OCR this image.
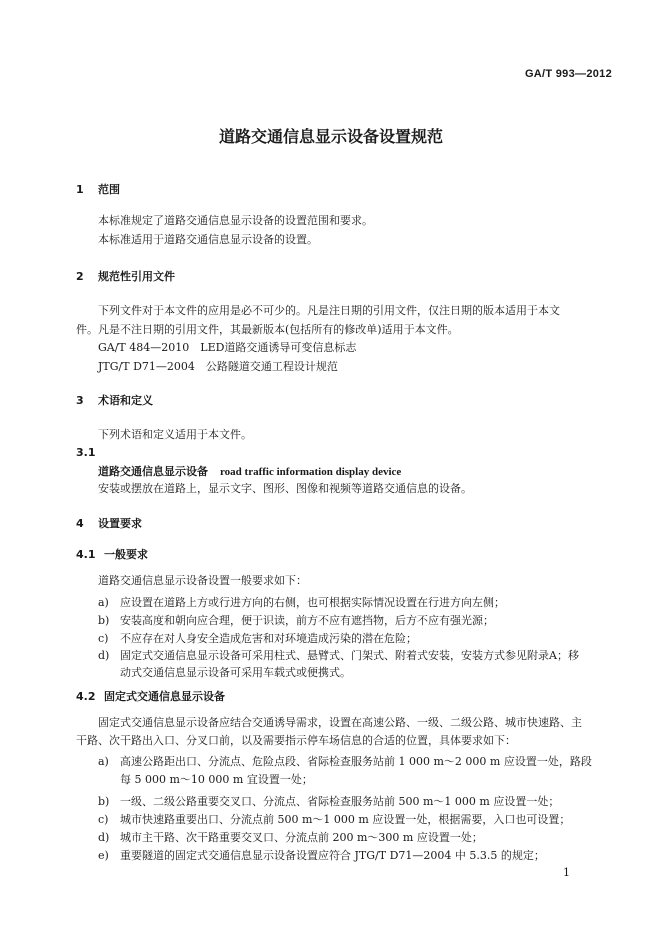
GA/T 993—2012
道路交通信息显示设备设置规范
1 范围
本标准规定了道路交通信息显示设备的设置范围和要求。
本标准适用于道路交通信息显示设备的设置。
2 规范性引用文件
下列文件对于本文件的应用是必不可少的。凡是注日期的引用文件，仅注日期的版本适用于本文
件。凡是不注日期的引用文件，其最新版本(包括所有的修改单)适用于本文件。
GA/T 484—2010　LED道路交通诱导可变信息标志
JTG/T D71—2004　公路隧道交通工程设计规范
3 术语和定义
下列术语和定义适用于本文件。
3.1
道路交通信息显示设备 road traffic information display device
安装或摆放在道路上，显示文字、图形、图像和视频等道路交通信息的设备。
4 设置要求
4.1 一般要求
道路交通信息显示设备设置一般要求如下：
a) 应设置在道路上方或行进方向的右侧，也可根据实际情况设置在行进方向左侧；
b) 安装高度和朝向应合理，便于识读，前方不应有遮挡物，后方不应有强光源；
c) 不应存在对人身安全造成危害和对环境造成污染的潜在危险；
d) 固定式交通信息显示设备可采用柱式、悬臂式、门架式、附着式安装，安装方式参见附录A；移
动式交通信息显示设备可采用车载式或便携式。
4.2 固定式交通信息显示设备
固定式交通信息显示设备应结合交通诱导需求，设置在高速公路、一级、二级公路、城市快速路、主
干路、次干路出入口、分叉口前，以及需要指示停车场信息的合适的位置，具体要求如下：
a) 高速公路距出口、分流点、危险点段、省际检查服务站前 1 000 m～2 000 m 应设置一处，路段
每 5 000 m～10 000 m 宜设置一处；
b) 一级、二级公路重要交叉口、分流点、省际检查服务站前 500 m～1 000 m 应设置一处；
c) 城市快速路重要出口、分流点前 500 m～1 000 m 应设置一处，根据需要，入口也可设置；
d) 城市主干路、次干路重要交叉口、分流点前 200 m～300 m 应设置一处；
e) 重要隧道的固定式交通信息显示设备设置应符合 JTG/T D71—2004 中 5.3.5 的规定；
1
